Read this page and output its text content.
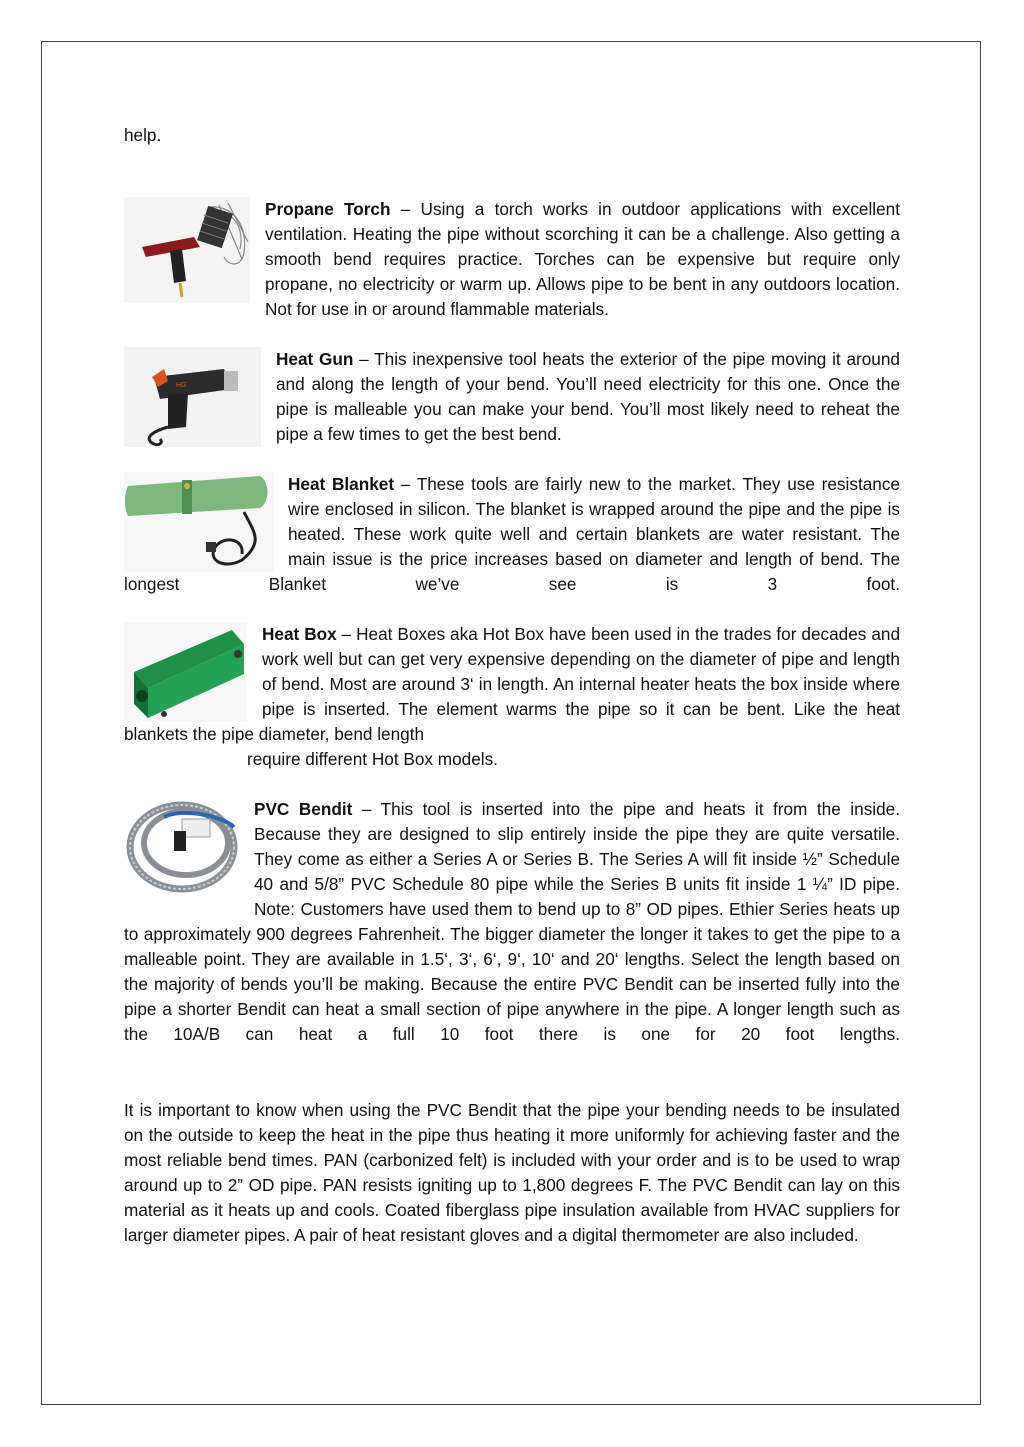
help.

Propane Torch – Using a torch works in outdoor applications with excellent ventilation. Heating the pipe without scorching it can be a challenge. Also getting a smooth bend requires practice. Torches can be expensive but require only propane, no electricity or warm up. Allows pipe to be bent in any outdoors location. Not for use in or around flammable materials.

HG

Heat Gun – This inexpensive tool heats the exterior of the pipe moving it around and along the length of your bend. You’ll need electricity for this one. Once the pipe is malleable you can make your bend. You’ll most likely need to reheat the pipe a few times to get the best bend.

Heat Blanket – These tools are fairly new to the market. They use resistance wire enclosed in silicon. The blanket is wrapped around the pipe and the pipe is heated. These work quite well and certain blankets are water resistant. The main issue is the price increases based on diameter and length of bend. The longest Blanket we’ve see is 3 foot.

Heat Box – Heat Boxes aka Hot Box have been used in the trades for decades and work well but can get very expensive depending on the diameter of pipe and length of bend. Most are around 3‘ in length. An internal heater heats the box inside where pipe is inserted. The element warms the pipe so it can be bent. Like the heat blankets the pipe diameter, bend length
require different Hot Box models.

PVC Bendit – This tool is inserted into the pipe and heats it from the inside. Because they are designed to slip entirely inside the pipe they are quite versatile. They come as either a Series A or Series B. The Series A will fit inside ½” Schedule 40 and 5/8” PVC Schedule 80 pipe while the Series B units fit inside 1 ¼” ID pipe. Note: Customers have used them to bend up to 8” OD pipes. Ethier Series heats up to approximately 900 degrees Fahrenheit. The bigger diameter the longer it takes to get the pipe to a malleable point. They are available in 1.5‘, 3‘, 6‘, 9‘, 10‘ and 20‘ lengths. Select the length based on the majority of bends you’ll be making. Because the entire PVC Bendit can be inserted fully into the pipe a shorter Bendit can heat a small section of pipe anywhere in the pipe. A longer length such as the 10A/B can heat a full 10 foot there is one for 20 foot lengths.

It is important to know when using the PVC Bendit that the pipe your bending needs to be insulated on the outside to keep the heat in the pipe thus heating it more uniformly for achieving faster and the most reliable bend times. PAN (carbonized felt) is included with your order and is to be used to wrap around up to 2” OD pipe. PAN resists igniting up to 1,800 degrees F. The PVC Bendit can lay on this material as it heats up and cools. Coated fiberglass pipe insulation available from HVAC suppliers for larger diameter pipes. A pair of heat resistant gloves and a digital thermometer are also included.
